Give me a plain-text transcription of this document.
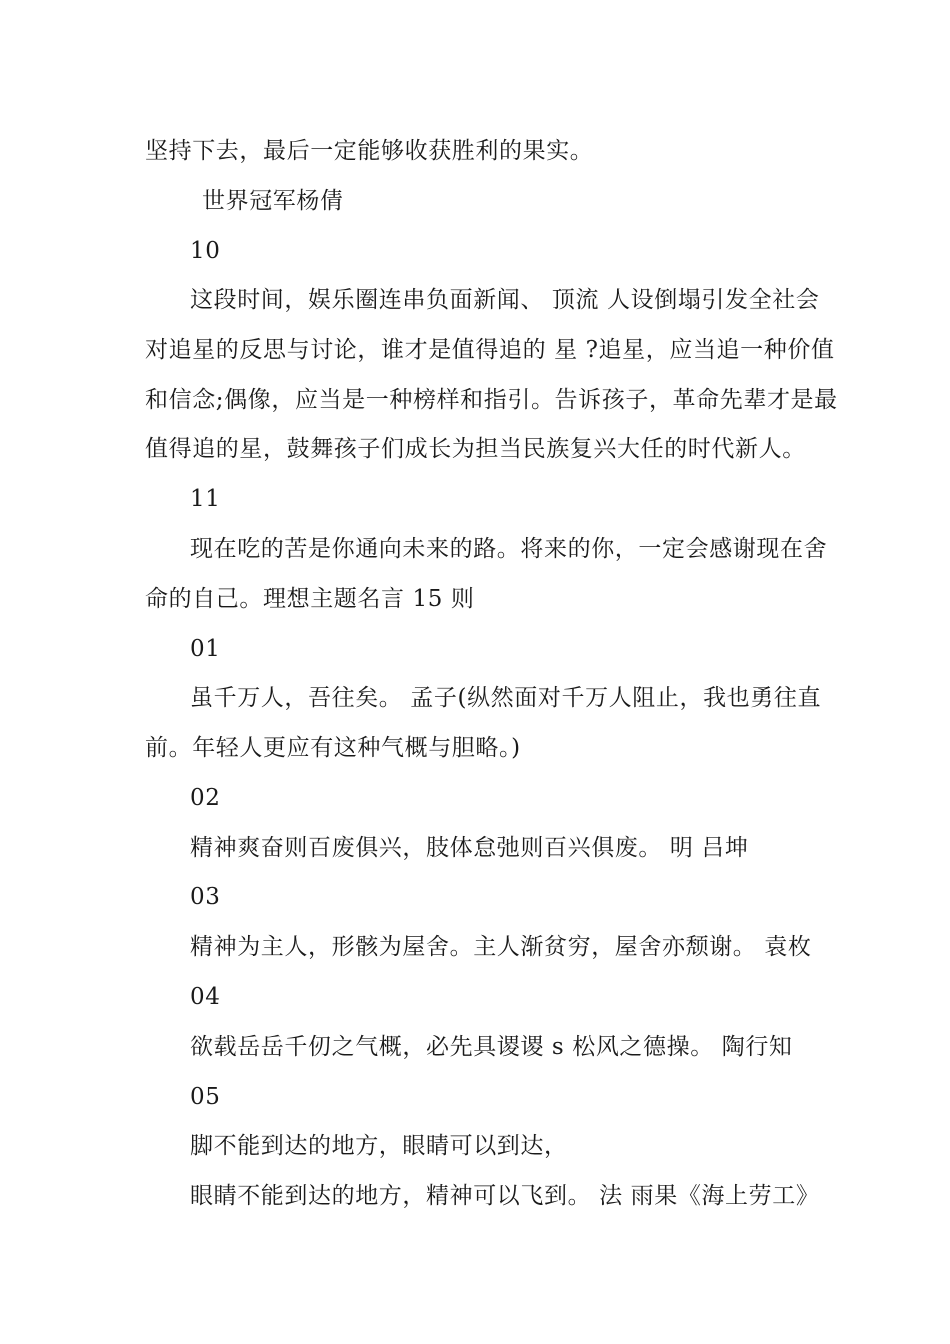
坚持下去，最后一定能够收获胜利的果实。
世界冠军杨倩
10
这段时间，娱乐圈连串负面新闻、 顶流 人设倒塌引发全社会
对追星的反思与讨论，谁才是值得追的 星 ?追星，应当追一种价值
和信念;偶像，应当是一种榜样和指引。告诉孩子，革命先辈才是最
值得追的星，鼓舞孩子们成长为担当民族复兴大任的时代新人。
11
现在吃的苦是你通向未来的路。将来的你，一定会感谢现在舍
命的自己。理想主题名言 15 则
01
虽千万人，吾往矣。 孟子(纵然面对千万人阻止，我也勇往直
前。年轻人更应有这种气概与胆略。)
02
精神爽奋则百废俱兴，肢体怠弛则百兴俱废。 明 吕坤
03
精神为主人，形骸为屋舍。主人渐贫穷，屋舍亦颓谢。 袁枚
04
欲载岳岳千仞之气概，必先具谡谡 s 松风之德操。 陶行知
05
脚不能到达的地方，眼睛可以到达，
眼睛不能到达的地方，精神可以飞到。 法 雨果《海上劳工》
